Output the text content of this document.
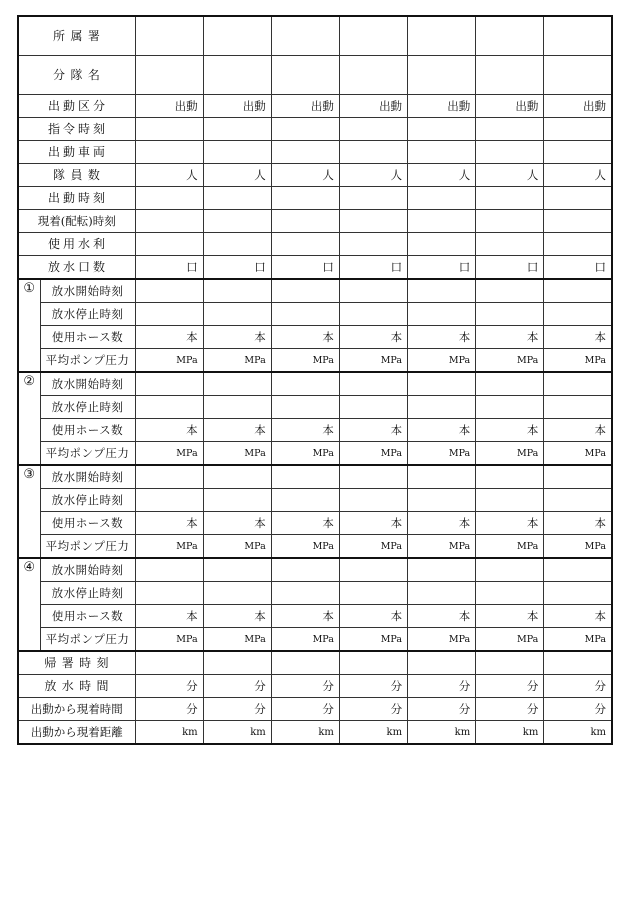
所属署								
分隊名								
出動区分		出動	出動	出動	出動	出動	出動	出動
指令時刻								
出動車両								
隊員数		人	人	人	人	人	人	人
出動時刻								
現着(配転)時刻								
使用水利								
放水口数		口	口	口	口	口	口	口
①	放水開始時刻							
	放水停止時刻							
	使用ホース数	本	本	本	本	本	本	本
	平均ポンプ圧力	MPa	MPa	MPa	MPa	MPa	MPa	MPa
②	放水開始時刻							
	放水停止時刻							
	使用ホース数	本	本	本	本	本	本	本
	平均ポンプ圧力	MPa	MPa	MPa	MPa	MPa	MPa	MPa
③	放水開始時刻							
	放水停止時刻							
	使用ホース数	本	本	本	本	本	本	本
	平均ポンプ圧力	MPa	MPa	MPa	MPa	MPa	MPa	MPa
④	放水開始時刻							
	放水停止時刻							
	使用ホース数	本	本	本	本	本	本	本
	平均ポンプ圧力	MPa	MPa	MPa	MPa	MPa	MPa	MPa
帰署時刻								
放水時間		分	分	分	分	分	分	分
出動から現着時間		分	分	分	分	分	分	分
出動から現着距離		km	km	km	km	km	km	km
